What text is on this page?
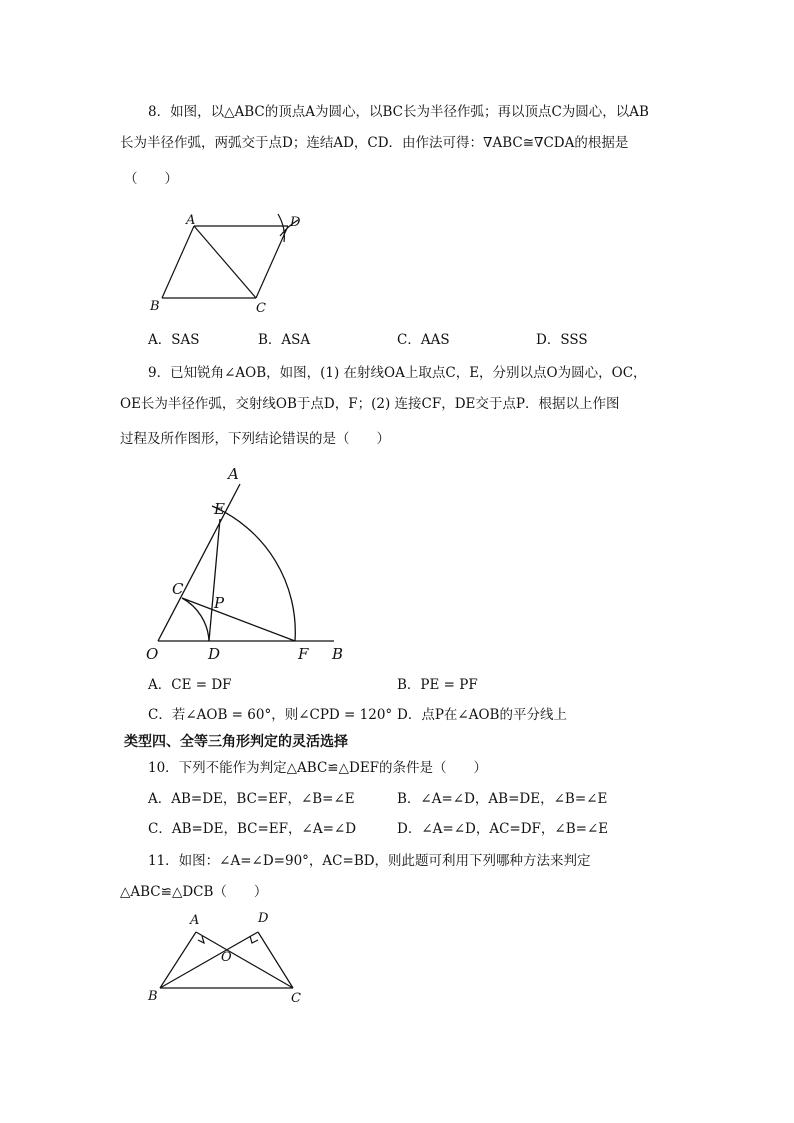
8．如图，以△ABC的顶点A为圆心，以BC长为半径作弧；再以顶点C为圆心，以AB
长为半径作弧，两弧交于点D；连结AD，CD．由作法可得：∇ABC≅∇CDA的根据是
（　　）
A	D
B	C
A．SAS	B．ASA	C．AAS	D．SSS
9．已知锐角∠AOB，如图，(1) 在射线OA上取点C，E，分别以点O为圆心，OC，
OE长为半径作弧，交射线OB于点D，F；(2) 连接CF，DE交于点P．根据以上作图
过程及所作图形，下列结论错误的是（　　）
A
E
C
P
O	D	F B
A．CE = DF	B．PE = PF
C．若∠AOB = 60°，则∠CPD = 120° D．点P在∠AOB的平分线上
类型四、全等三角形判定的灵活选择
10．下列不能作为判定△ABC≌△DEF的条件是（　　）
A．AB=DE，BC=EF，∠B=∠E	B．∠A=∠D，AB=DE，∠B=∠E
C．AB=DE，BC=EF，∠A=∠D	D．∠A=∠D，AC=DF，∠B=∠E
11．如图：∠A=∠D=90°，AC=BD，则此题可利用下列哪种方法来判定
△ABC≌△DCB（　　）
A	D
O
B	C
